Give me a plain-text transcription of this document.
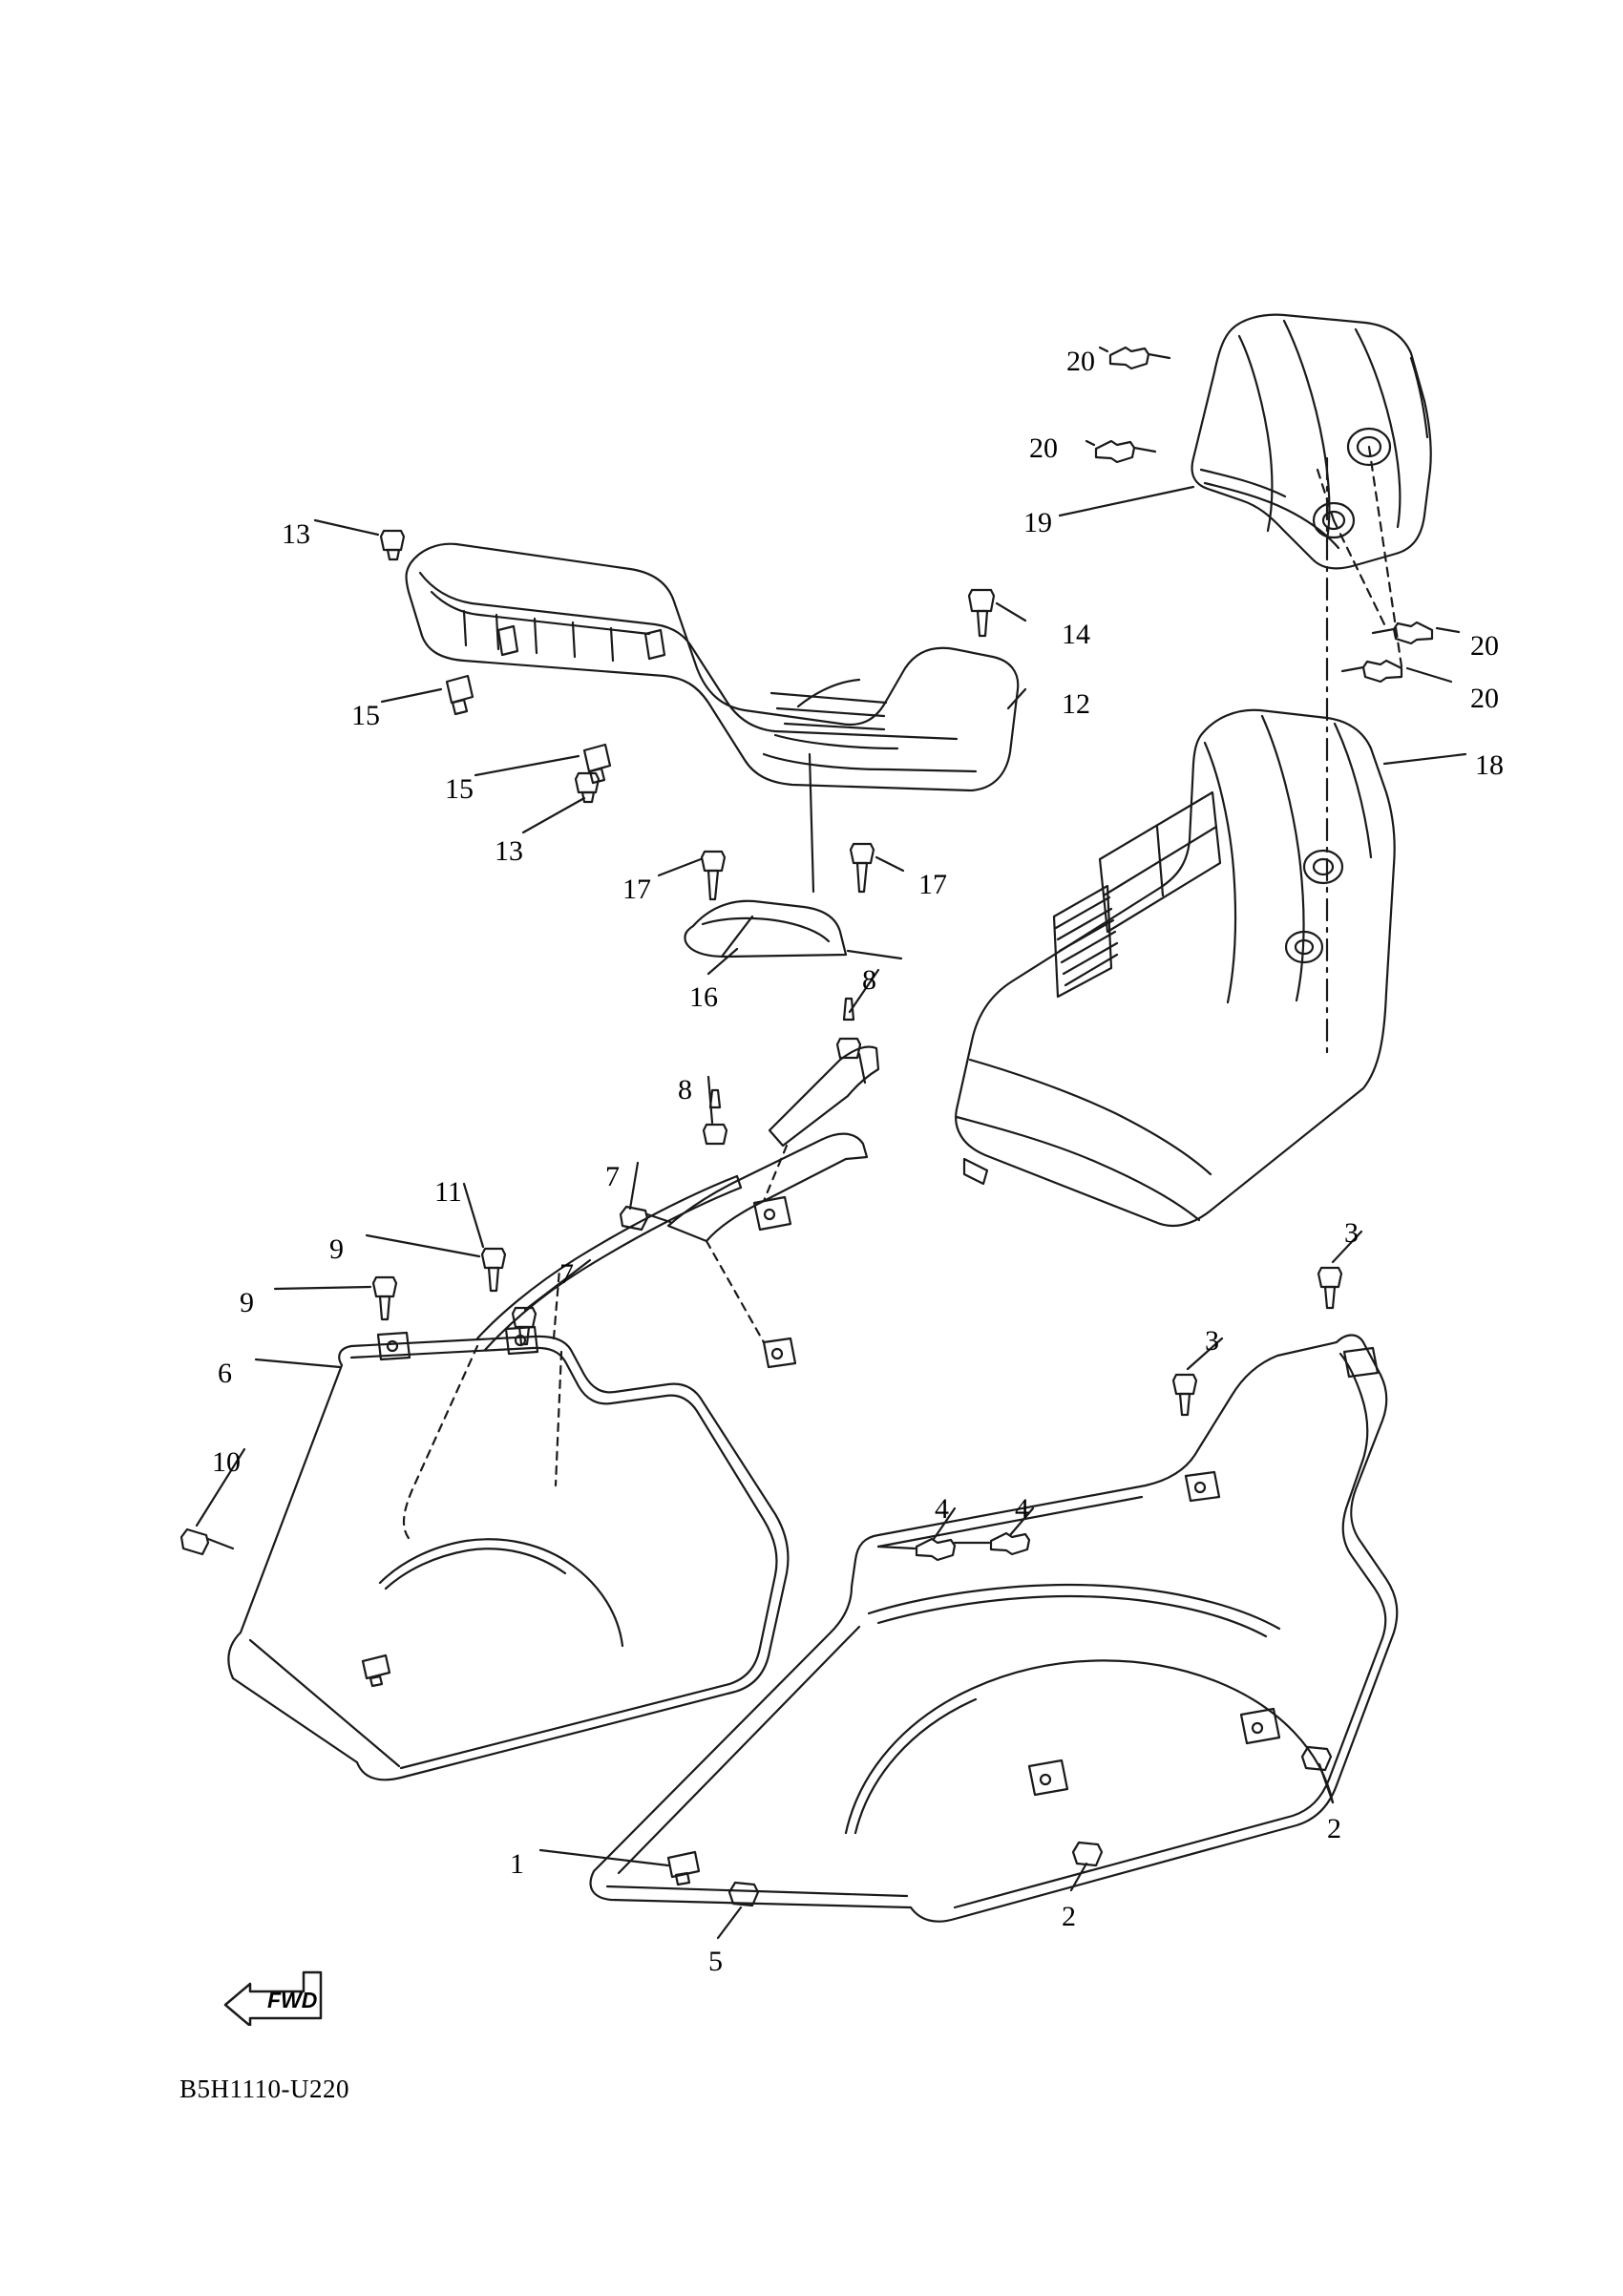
20
20
19
20
20
18
13
14
12
15
15
13
17	17
16
8
8
7
11
7
9
9
6
10
3
3
4 4
2
2
1
5
FWD
B5H1110-U220
